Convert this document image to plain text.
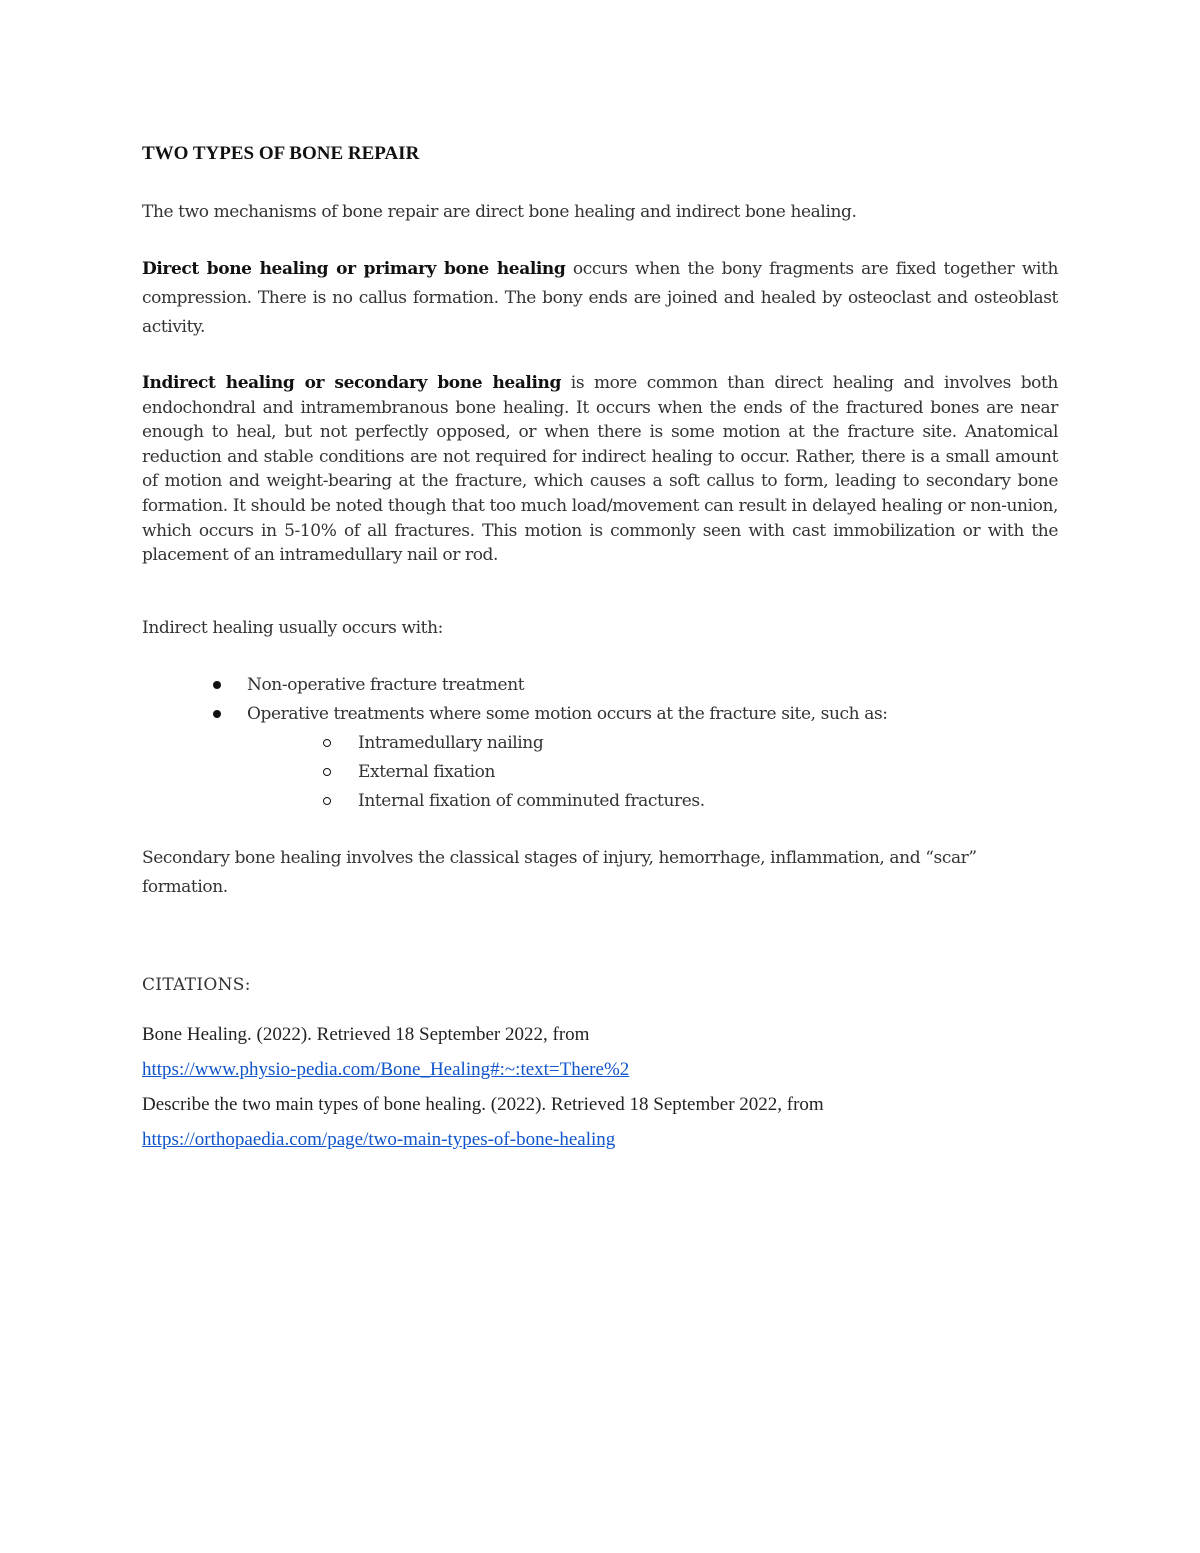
TWO TYPES OF BONE REPAIR

The two mechanisms of bone repair are direct bone healing and indirect bone healing.

Direct bone healing or primary bone healing occurs when the bony fragments are fixed together with compression. There is no callus formation. The bony ends are joined and healed by osteoclast and osteoblast activity.

Indirect healing or secondary bone healing is more common than direct healing and involves both endochondral and intramembranous bone healing. It occurs when the ends of the fractured bones are near enough to heal, but not perfectly opposed, or when there is some motion at the fracture site. Anatomical reduction and stable conditions are not required for indirect healing to occur. Rather, there is a small amount of motion and weight-bearing at the fracture, which causes a soft callus to form, leading to secondary bone formation. It should be noted though that too much load/movement can result in delayed healing or non-union, which occurs in 5-10% of all fractures. This motion is commonly seen with cast immobilization or with the placement of an intramedullary nail or rod.

Indirect healing usually occurs with:

Non-operative fracture treatment
Operative treatments where some motion occurs at the fracture site, such as:
Intramedullary nailing
External fixation
Internal fixation of comminuted fractures.

Secondary bone healing involves the classical stages of injury, hemorrhage, inflammation, and “scar” formation.

CITATIONS:

Bone Healing. (2022). Retrieved 18 September 2022, from

https://www.physio-pedia.com/Bone_Healing#:~:text=There%2

Describe the two main types of bone healing. (2022). Retrieved 18 September 2022, from

https://orthopaedia.com/page/two-main-types-of-bone-healing
